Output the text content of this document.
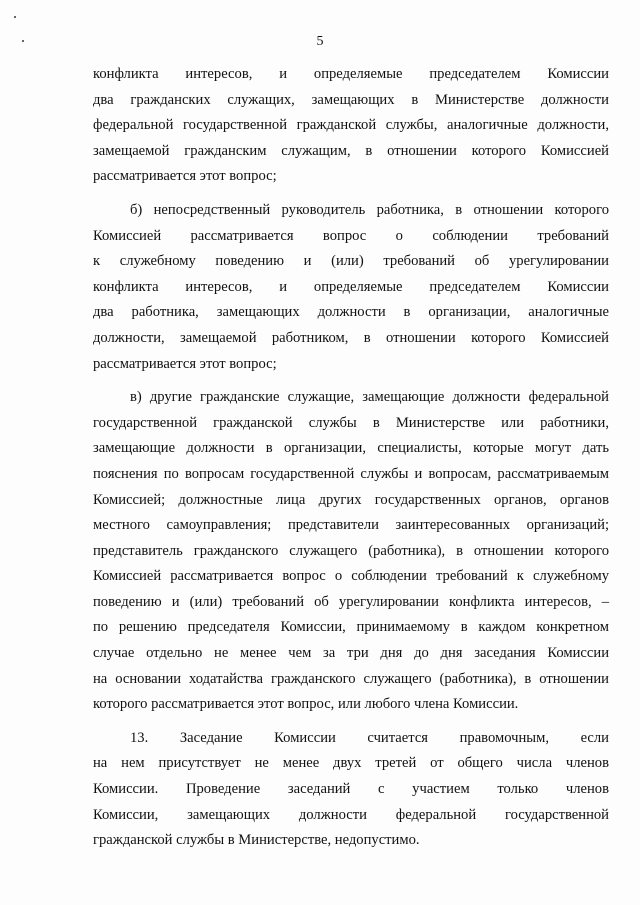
5
конфликта интересов, и определяемые председателем Комиссии
два гражданских служащих, замещающих в Министерстве должности
федеральной государственной гражданской службы, аналогичные должности,
замещаемой гражданским служащим, в отношении которого Комиссией
рассматривается этот вопрос;
б) непосредственный руководитель работника, в отношении которого
Комиссией рассматривается вопрос о соблюдении требований
к служебному поведению и (или) требований об урегулировании
конфликта интересов, и определяемые председателем Комиссии
два работника, замещающих должности в организации, аналогичные
должности, замещаемой работником, в отношении которого Комиссией
рассматривается этот вопрос;
в) другие гражданские служащие, замещающие должности федеральной
государственной гражданской службы в Министерстве или работники,
замещающие должности в организации, специалисты, которые могут дать
пояснения по вопросам государственной службы и вопросам, рассматриваемым
Комиссией; должностные лица других государственных органов, органов
местного самоуправления; представители заинтересованных организаций;
представитель гражданского служащего (работника), в отношении которого
Комиссией рассматривается вопрос о соблюдении требований к служебному
поведению и (или) требований об урегулировании конфликта интересов, –
по решению председателя Комиссии, принимаемому в каждом конкретном
случае отдельно не менее чем за три дня до дня заседания Комиссии
на основании ходатайства гражданского служащего (работника), в отношении
которого рассматривается этот вопрос, или любого члена Комиссии.
13. Заседание Комиссии считается правомочным, если
на нем присутствует не менее двух третей от общего числа членов
Комиссии. Проведение заседаний с участием только членов
Комиссии, замещающих должности федеральной государственной
гражданской службы в Министерстве, недопустимо.
